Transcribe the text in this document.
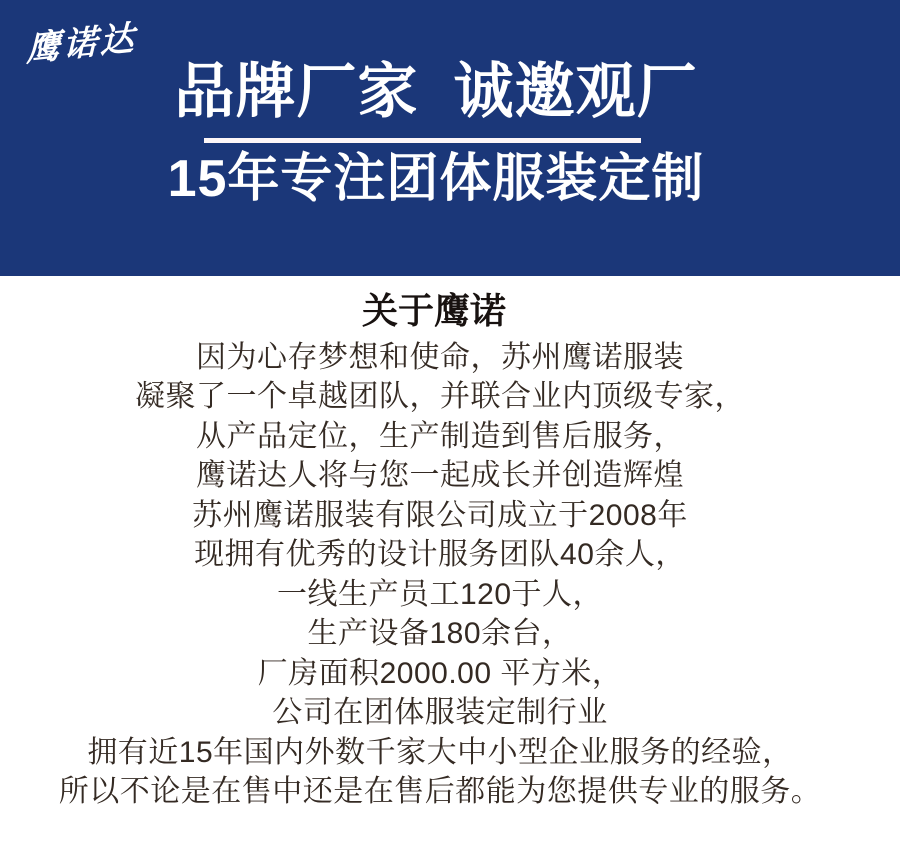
鹰诺达
品牌厂家  诚邀观厂
15年专注团体服装定制
关于鹰诺

因为心存梦想和使命，苏州鹰诺服装

凝聚了一个卓越团队，并联合业内顶级专家，

从产品定位，生产制造到售后服务，

鹰诺达人将与您一起成长并创造辉煌

苏州鹰诺服装有限公司成立于2008年

现拥有优秀的设计服务团队40余人，

一线生产员工120于人，

生产设备180余台，

厂房面积2000.00 平方米，

公司在团体服装定制行业

拥有近15年国内外数千家大中小型企业服务的经验，

所以不论是在售中还是在售后都能为您提供专业的服务。
